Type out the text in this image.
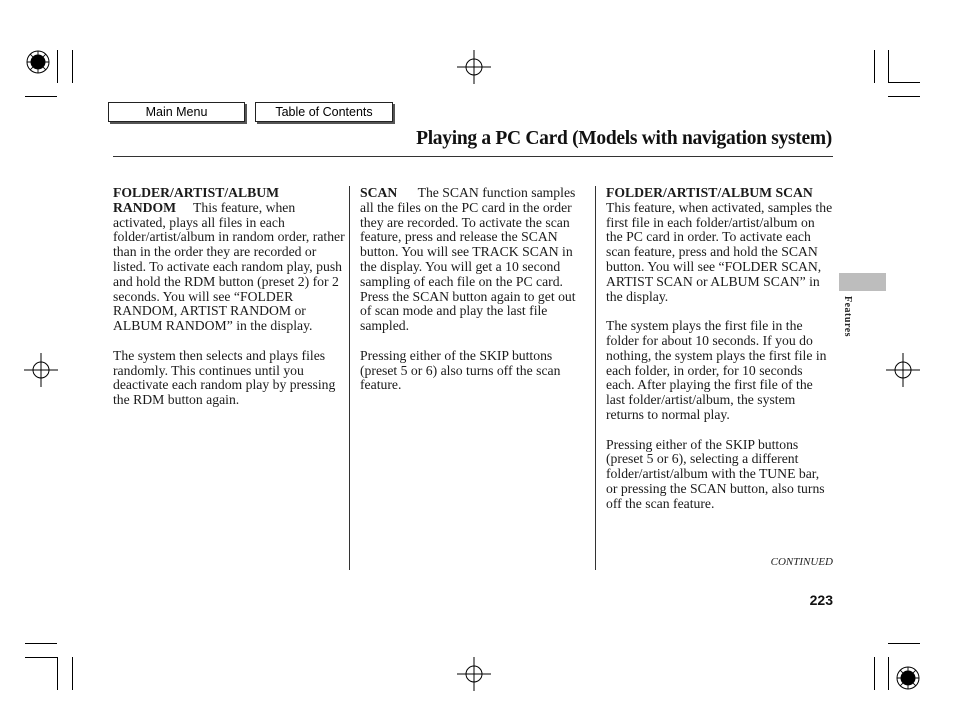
Main Menu	Table of Contents
Playing a PC Card (Models with navigation system)

FOLDER/ARTIST/ALBUM RANDOM This feature, when activated, plays all files in each folder/artist/album in random order, rather than in the order they are recorded or listed. To activate each random play, push and hold the RDM button (preset 2) for 2 seconds. You will see “FOLDER RANDOM, ARTIST RANDOM or ALBUM RANDOM” in the display.

The system then selects and plays files randomly. This continues until you deactivate each random play by pressing the RDM button again.

SCAN The SCAN function samples all the files on the PC card in the order they are recorded. To activate the scan feature, press and release the SCAN button. You will see TRACK SCAN in the display. You will get a 10 second sampling of each file on the PC card. Press the SCAN button again to get out of scan mode and play the last file sampled.

Pressing either of the SKIP buttons (preset 5 or 6) also turns off the scan feature.

FOLDER/ARTIST/ALBUM SCAN     This feature, when activated, samples the first file in each folder/artist/album on the PC card in order. To activate each scan feature, press and hold the SCAN button. You will see “FOLDER SCAN, ARTIST SCAN or ALBUM SCAN” in the display.

The system plays the first file in the folder for about 10 seconds. If you do nothing, the system plays the first file in each folder, in order, for 10 seconds each. After playing the first file of the last folder/artist/album, the system returns to normal play.

Pressing either of the SKIP buttons (preset 5 or 6), selecting a different folder/artist/album with the TUNE bar, or pressing the SCAN button, also turns off the scan feature.

Features
CONTINUED
223
